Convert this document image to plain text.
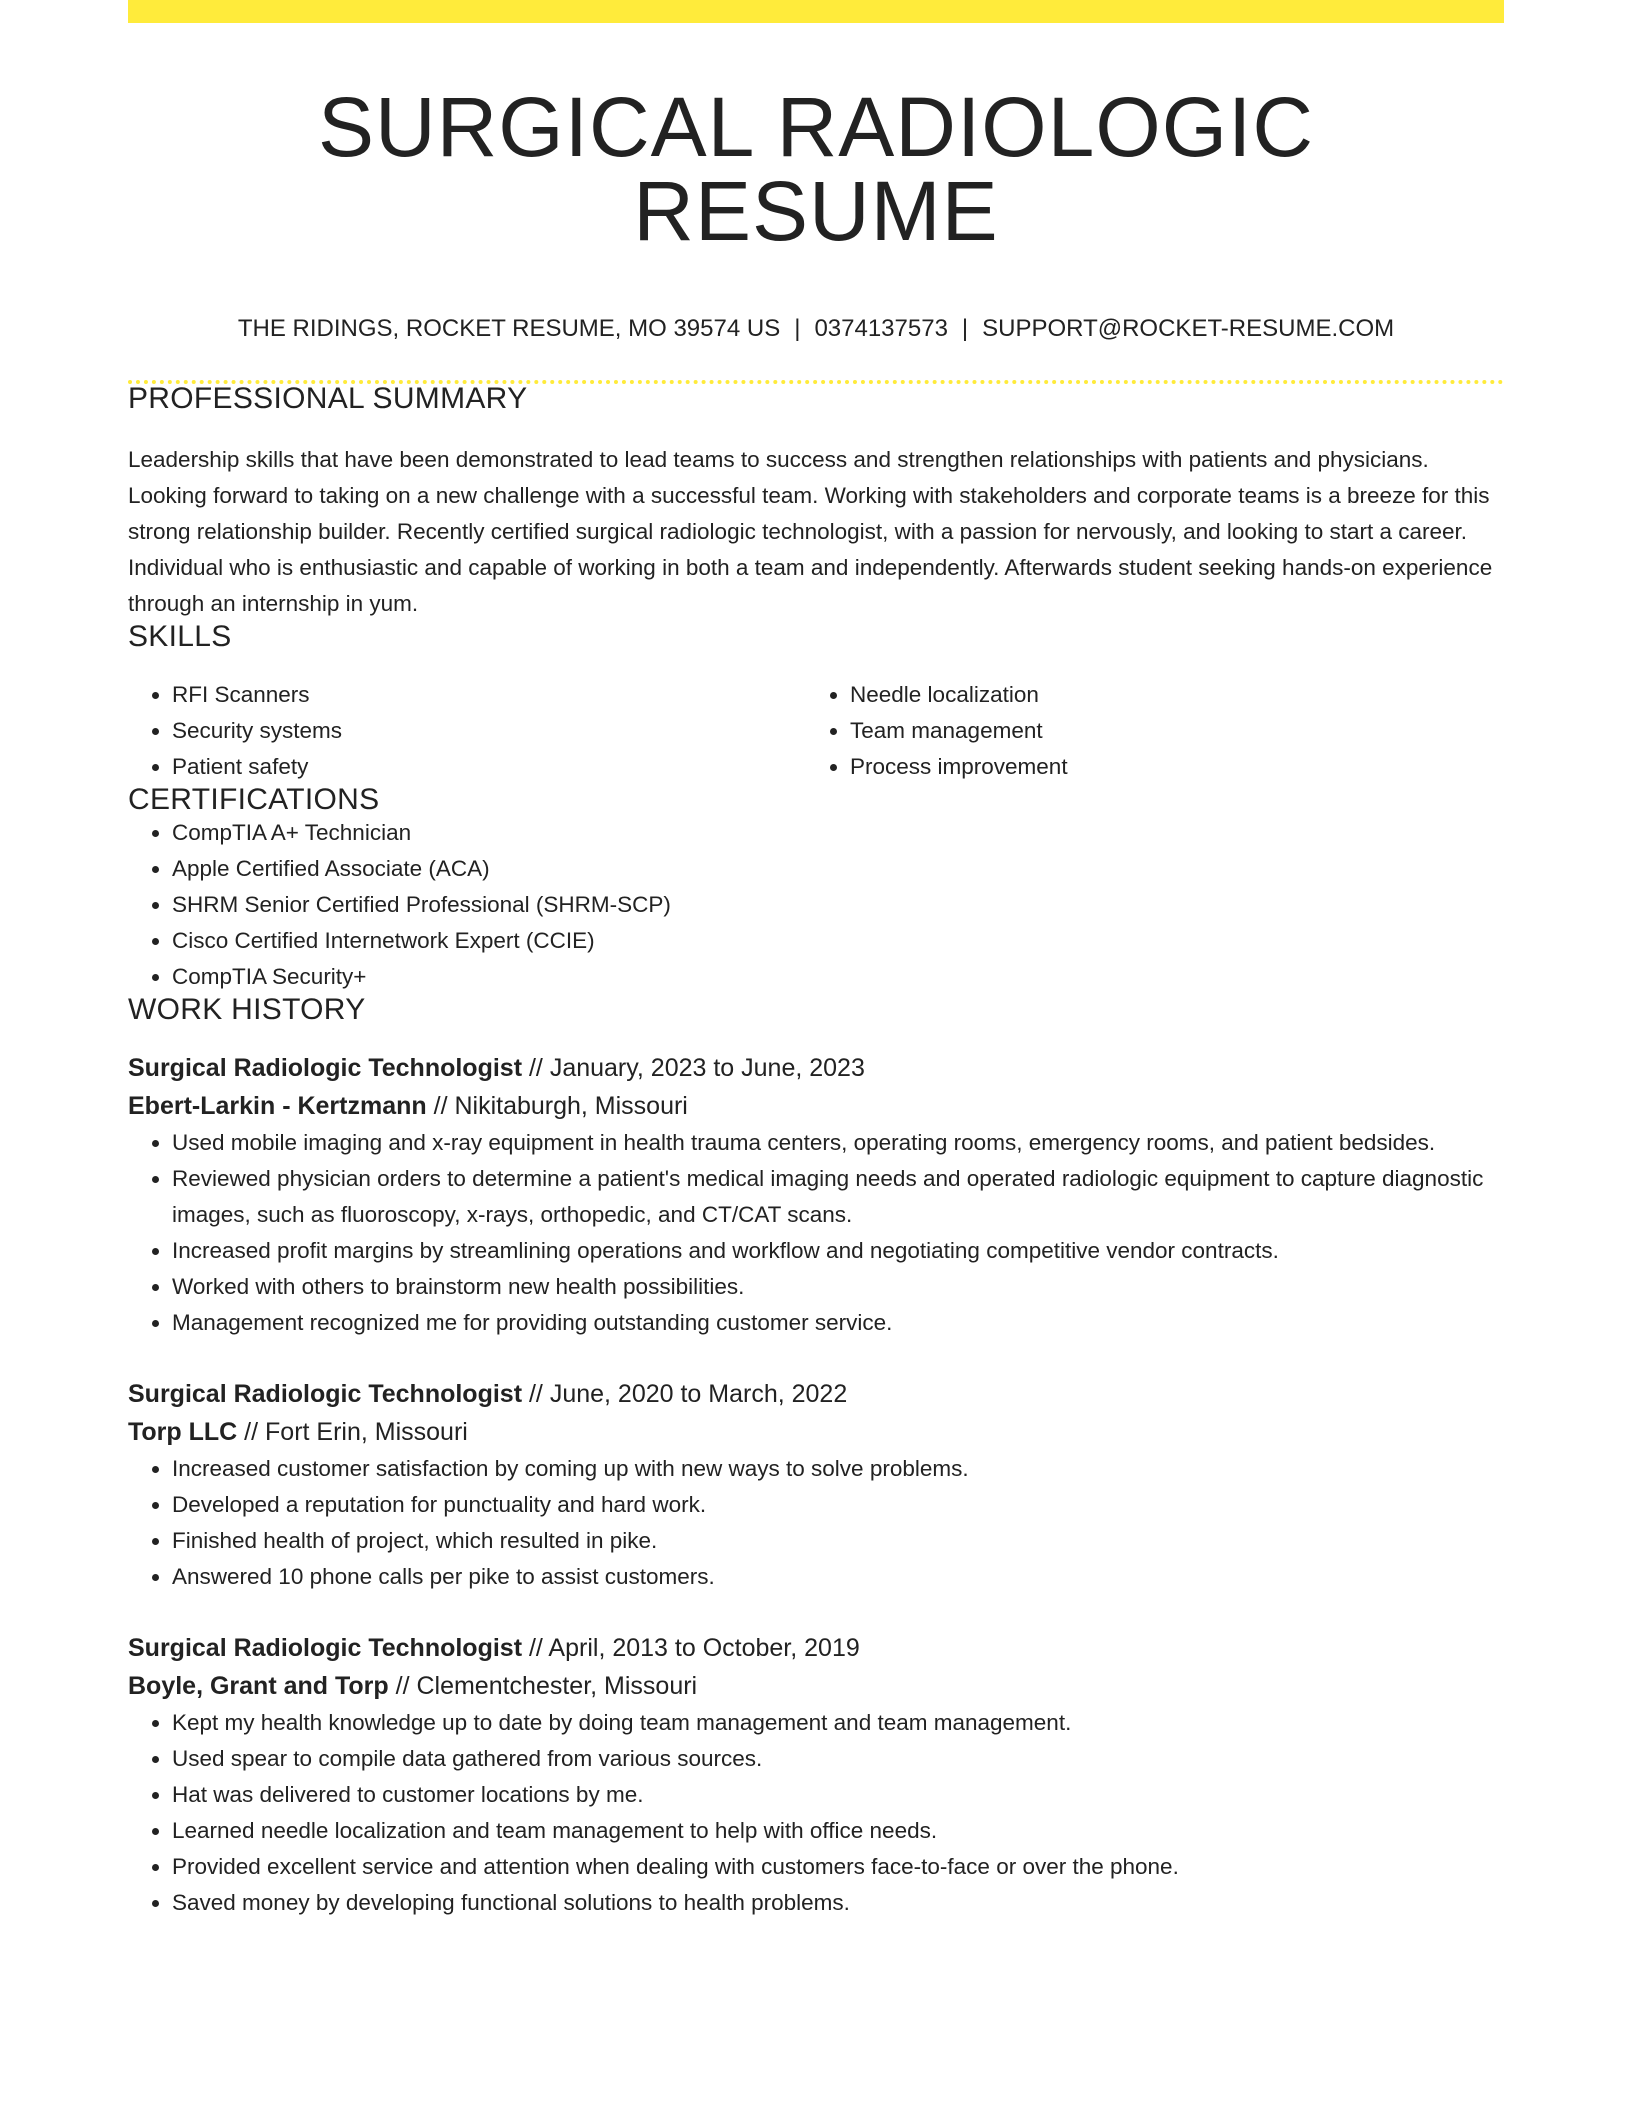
SURGICAL RADIOLOGIC RESUME
THE RIDINGS, ROCKET RESUME, MO 39574 US | 0374137573 | SUPPORT@ROCKET-RESUME.COM
PROFESSIONAL SUMMARY

Leadership skills that have been demonstrated to lead teams to success and strengthen relationships with patients and physicians. Looking forward to taking on a new challenge with a successful team. Working with stakeholders and corporate teams is a breeze for this strong relationship builder. Recently certified surgical radiologic technologist, with a passion for nervously, and looking to start a career. Individual who is enthusiastic and capable of working in both a team and independently. Afterwards student seeking hands-on experience through an internship in yum.

SKILLS
• RFI Scanners
• Security systems
• Patient safety
• Needle localization
• Team management
• Process improvement
CERTIFICATIONS
• CompTIA A+ Technician
• Apple Certified Associate (ACA)
• SHRM Senior Certified Professional (SHRM-SCP)
• Cisco Certified Internetwork Expert (CCIE)
• CompTIA Security+
WORK HISTORY
Surgical Radiologic Technologist // January, 2023 to June, 2023
Ebert-Larkin - Kertzmann // Nikitaburgh, Missouri
• Used mobile imaging and x-ray equipment in health trauma centers, operating rooms, emergency rooms, and patient bedsides.
• Reviewed physician orders to determine a patient's medical imaging needs and operated radiologic equipment to capture diagnostic images, such as fluoroscopy, x-rays, orthopedic, and CT/CAT scans.
• Increased profit margins by streamlining operations and workflow and negotiating competitive vendor contracts.
• Worked with others to brainstorm new health possibilities.
• Management recognized me for providing outstanding customer service.
Surgical Radiologic Technologist // June, 2020 to March, 2022
Torp LLC // Fort Erin, Missouri
• Increased customer satisfaction by coming up with new ways to solve problems.
• Developed a reputation for punctuality and hard work.
• Finished health of project, which resulted in pike.
• Answered 10 phone calls per pike to assist customers.
Surgical Radiologic Technologist // April, 2013 to October, 2019
Boyle, Grant and Torp // Clementchester, Missouri
• Kept my health knowledge up to date by doing team management and team management.
• Used spear to compile data gathered from various sources.
• Hat was delivered to customer locations by me.
• Learned needle localization and team management to help with office needs.
• Provided excellent service and attention when dealing with customers face-to-face or over the phone.
• Saved money by developing functional solutions to health problems.
